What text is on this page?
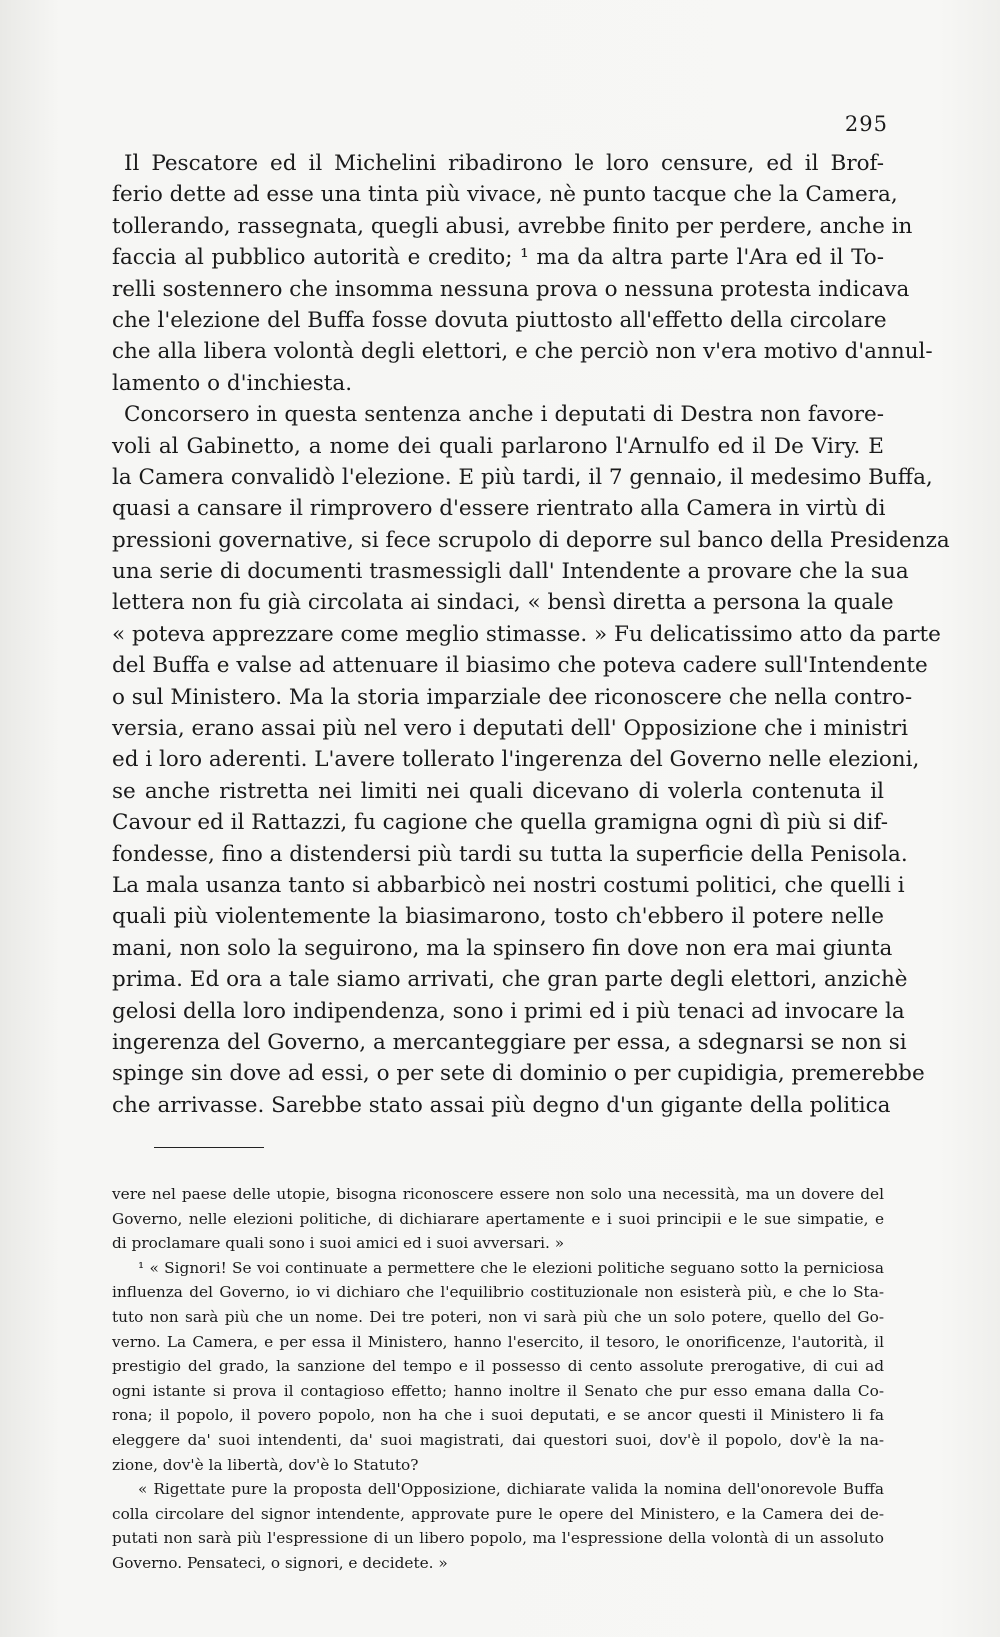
295
Il Pescatore ed il Michelini ribadirono le loro censure, ed il Brof-
ferio dette ad esse una tinta più vivace, nè punto tacque che la Camera,
tollerando, rassegnata, quegli abusi, avrebbe finito per perdere, anche in
faccia al pubblico autorità e credito; ¹ ma da altra parte l'Ara ed il To-
relli sostennero che insomma nessuna prova o nessuna protesta indicava
che l'elezione del Buffa fosse dovuta piuttosto all'effetto della circolare
che alla libera volontà degli elettori, e che perciò non v'era motivo d'annul-
lamento o d'inchiesta.
Concorsero in questa sentenza anche i deputati di Destra non favore-
voli al Gabinetto, a nome dei quali parlarono l'Arnulfo ed il De Viry. E
la Camera convalidò l'elezione. E più tardi, il 7 gennaio, il medesimo Buffa,
quasi a cansare il rimprovero d'essere rientrato alla Camera in virtù di
pressioni governative, si fece scrupolo di deporre sul banco della Presidenza
una serie di documenti trasmessigli dall' Intendente a provare che la sua
lettera non fu già circolata ai sindaci, « bensì diretta a persona la quale
« poteva apprezzare come meglio stimasse. » Fu delicatissimo atto da parte
del Buffa e valse ad attenuare il biasimo che poteva cadere sull'Intendente
o sul Ministero. Ma la storia imparziale dee riconoscere che nella contro-
versia, erano assai più nel vero i deputati dell' Opposizione che i ministri
ed i loro aderenti. L'avere tollerato l'ingerenza del Governo nelle elezioni,
se anche ristretta nei limiti nei quali dicevano di volerla contenuta il
Cavour ed il Rattazzi, fu cagione che quella gramigna ogni dì più si dif-
fondesse, fino a distendersi più tardi su tutta la superficie della Penisola.
La mala usanza tanto si abbarbicò nei nostri costumi politici, che quelli i
quali più violentemente la biasimarono, tosto ch'ebbero il potere nelle
mani, non solo la seguirono, ma la spinsero fin dove non era mai giunta
prima. Ed ora a tale siamo arrivati, che gran parte degli elettori, anzichè
gelosi della loro indipendenza, sono i primi ed i più tenaci ad invocare la
ingerenza del Governo, a mercanteggiare per essa, a sdegnarsi se non si
spinge sin dove ad essi, o per sete di dominio o per cupidigia, premerebbe
che arrivasse. Sarebbe stato assai più degno d'un gigante della politica
vere nel paese delle utopie, bisogna riconoscere essere non solo una necessità, ma un dovere del
Governo, nelle elezioni politiche, di dichiarare apertamente e i suoi principii e le sue simpatie, e
di proclamare quali sono i suoi amici ed i suoi avversari. »
¹ « Signori! Se voi continuate a permettere che le elezioni politiche seguano sotto la perniciosa
influenza del Governo, io vi dichiaro che l'equilibrio costituzionale non esisterà più, e che lo Sta-
tuto non sarà più che un nome. Dei tre poteri, non vi sarà più che un solo potere, quello del Go-
verno. La Camera, e per essa il Ministero, hanno l'esercito, il tesoro, le onorificenze, l'autorità, il
prestigio del grado, la sanzione del tempo e il possesso di cento assolute prerogative, di cui ad
ogni istante si prova il contagioso effetto; hanno inoltre il Senato che pur esso emana dalla Co-
rona; il popolo, il povero popolo, non ha che i suoi deputati, e se ancor questi il Ministero li fa
eleggere da' suoi intendenti, da' suoi magistrati, dai questori suoi, dov'è il popolo, dov'è la na-
zione, dov'è la libertà, dov'è lo Statuto?
« Rigettate pure la proposta dell'Opposizione, dichiarate valida la nomina dell'onorevole Buffa
colla circolare del signor intendente, approvate pure le opere del Ministero, e la Camera dei de-
putati non sarà più l'espressione di un libero popolo, ma l'espressione della volontà di un assoluto
Governo. Pensateci, o signori, e decidete. »
